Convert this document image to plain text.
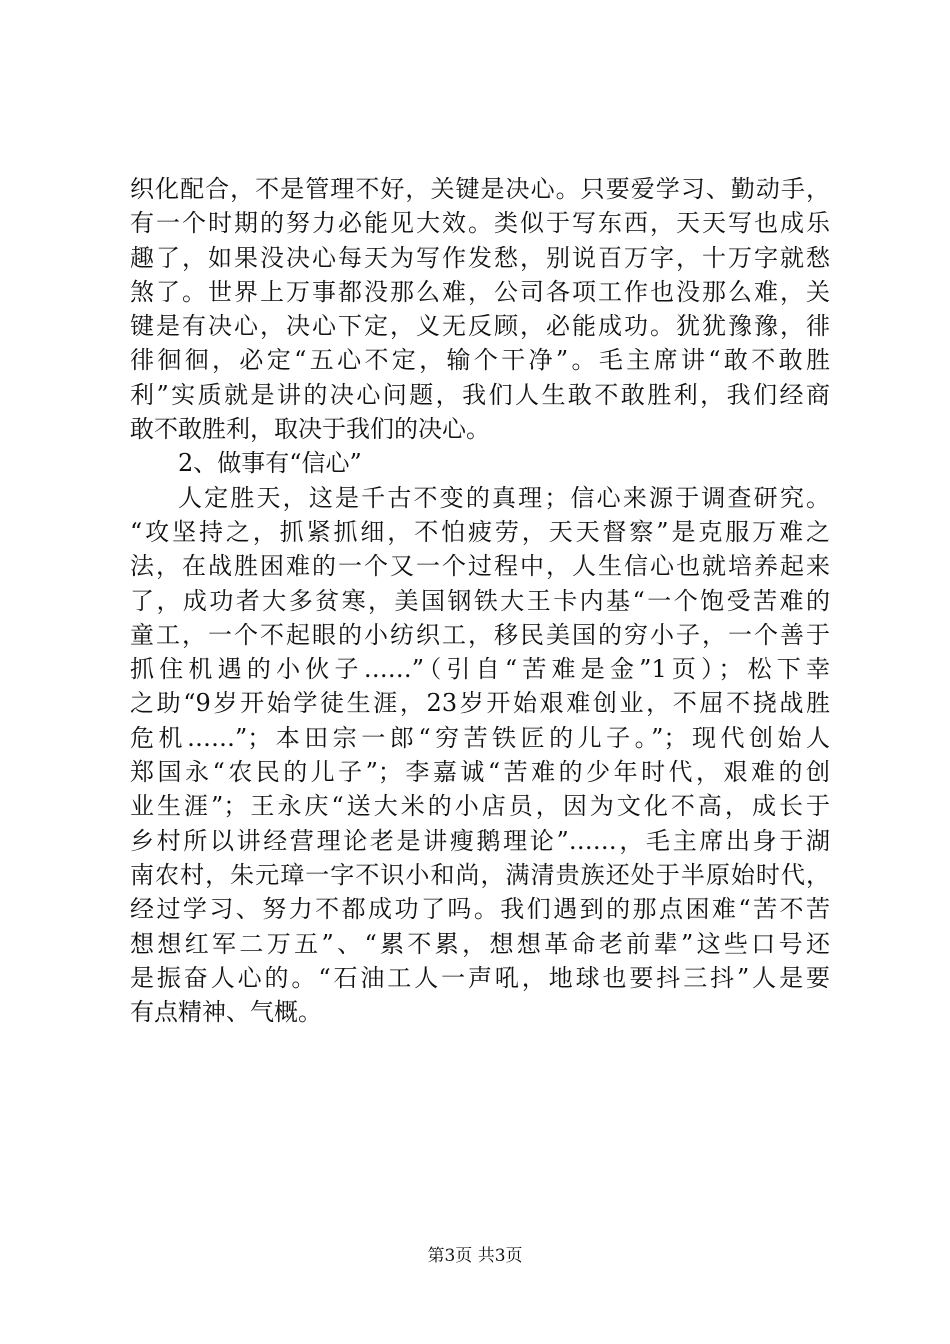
织化配合，不是管理不好，关键是决心。只要爱学习、勤动手，
有一个时期的努力必能见大效。类似于写东西，天天写也成乐
趣了，如果没决心每天为写作发愁，别说百万字，十万字就愁
煞了。世界上万事都没那么难，公司各项工作也没那么难，关
键是有决心，决心下定，义无反顾，必能成功。犹犹豫豫，徘
徘徊徊，必定“五心不定，输个干净”。毛主席讲“敢不敢胜
利”实质就是讲的决心问题，我们人生敢不敢胜利，我们经商
敢不敢胜利，取决于我们的决心。
2、做事有“信心”
人定胜天，这是千古不变的真理；信心来源于调查研究。
“攻坚持之，抓紧抓细，不怕疲劳，天天督察”是克服万难之
法，在战胜困难的一个又一个过程中，人生信心也就培养起来
了，成功者大多贫寒，美国钢铁大王卡内基“一个饱受苦难的
童工，一个不起眼的小纺织工，移民美国的穷小子，一个善于
抓住机遇的小伙子……”（引自“苦难是金”1页）；松下幸
之助“9岁开始学徒生涯，23岁开始艰难创业，不屈不挠战胜
危机……”；本田宗一郎“穷苦铁匠的儿子。”；现代创始人
郑国永“农民的儿子”；李嘉诚“苦难的少年时代，艰难的创
业生涯”；王永庆“送大米的小店员，因为文化不高，成长于
乡村所以讲经营理论老是讲瘦鹅理论”……，毛主席出身于湖
南农村，朱元璋一字不识小和尚，满清贵族还处于半原始时代，
经过学习、努力不都成功了吗。我们遇到的那点困难“苦不苦
想想红军二万五”、“累不累，想想革命老前辈”这些口号还
是振奋人心的。“石油工人一声吼，地球也要抖三抖”人是要
有点精神、气概。
第3页 共3页
